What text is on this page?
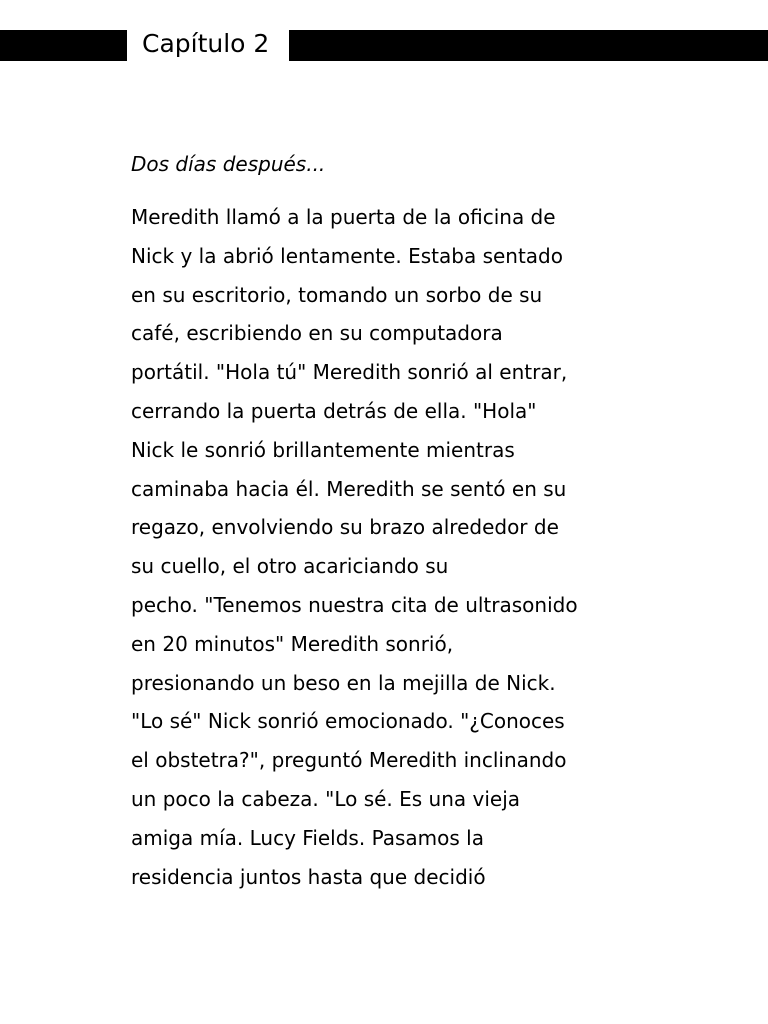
Capítulo 2

Dos días después...

Meredith llamó a la puerta de la oficina de
Nick y la abrió lentamente. Estaba sentado
en su escritorio, tomando un sorbo de su
café, escribiendo en su computadora
portátil. "Hola tú" Meredith sonrió al entrar,
cerrando la puerta detrás de ella. "Hola"
Nick le sonrió brillantemente mientras
caminaba hacia él. Meredith se sentó en su
regazo, envolviendo su brazo alrededor de
su cuello, el otro acariciando su
pecho. "Tenemos nuestra cita de ultrasonido
en 20 minutos" Meredith sonrió,
presionando un beso en la mejilla de Nick.
"Lo sé" Nick sonrió emocionado. "¿Conoces
el obstetra?", preguntó Meredith inclinando
un poco la cabeza. "Lo sé. Es una vieja
amiga mía. Lucy Fields. Pasamos la
residencia juntos hasta que decidió
